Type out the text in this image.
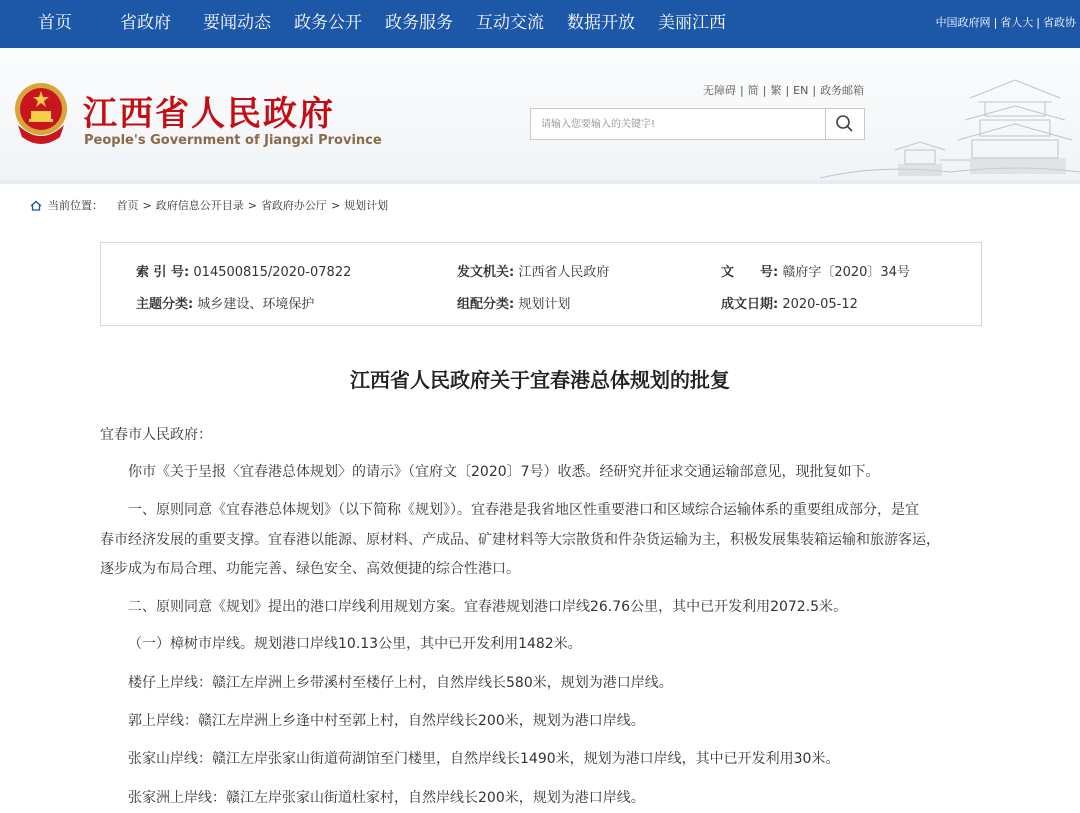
首页	省政府 要闻动态 政务公开 政务服务 互动交流 数据开放 美丽江西	中国政府网 | 省人大 | 省政协
江西省人民政府
People's Government of Jiangxi Province
无障碍 | 简 | 繁 | EN | 政务邮箱
请输入您要输入的关键字!
当前位置： 首页 > 政府信息公开目录 > 省政府办公厅 > 规划计划
索 引 号: 014500815/2020-07822	发文机关: 江西省人民政府	文　　号: 赣府字〔2020〕34号
主题分类: 城乡建设、环境保护	组配分类: 规划计划	成文日期: 2020-05-12
江西省人民政府关于宜春港总体规划的批复
宜春市人民政府：
你市《关于呈报〈宜春港总体规划〉的请示》（宜府文〔2020〕7号）收悉。经研究并征求交通运输部意见，现批复如下。
一、原则同意《宜春港总体规划》（以下简称《规划》）。宜春港是我省地区性重要港口和区域综合运输体系的重要组成部分，是宜
春市经济发展的重要支撑。宜春港以能源、原材料、产成品、矿建材料等大宗散货和件杂货运输为主，积极发展集装箱运输和旅游客运，
逐步成为布局合理、功能完善、绿色安全、高效便捷的综合性港口。
二、原则同意《规划》提出的港口岸线利用规划方案。宜春港规划港口岸线26.76公里，其中已开发利用2072.5米。
（一）樟树市岸线。规划港口岸线10.13公里，其中已开发利用1482米。
楼仔上岸线：赣江左岸洲上乡带溪村至楼仔上村，自然岸线长580米，规划为港口岸线。
郭上岸线：赣江左岸洲上乡逢中村至郭上村，自然岸线长200米，规划为港口岸线。
张家山岸线：赣江左岸张家山街道荷湖馆至门楼里，自然岸线长1490米，规划为港口岸线，其中已开发利用30米。
张家洲上岸线：赣江左岸张家山街道杜家村，自然岸线长200米，规划为港口岸线。
